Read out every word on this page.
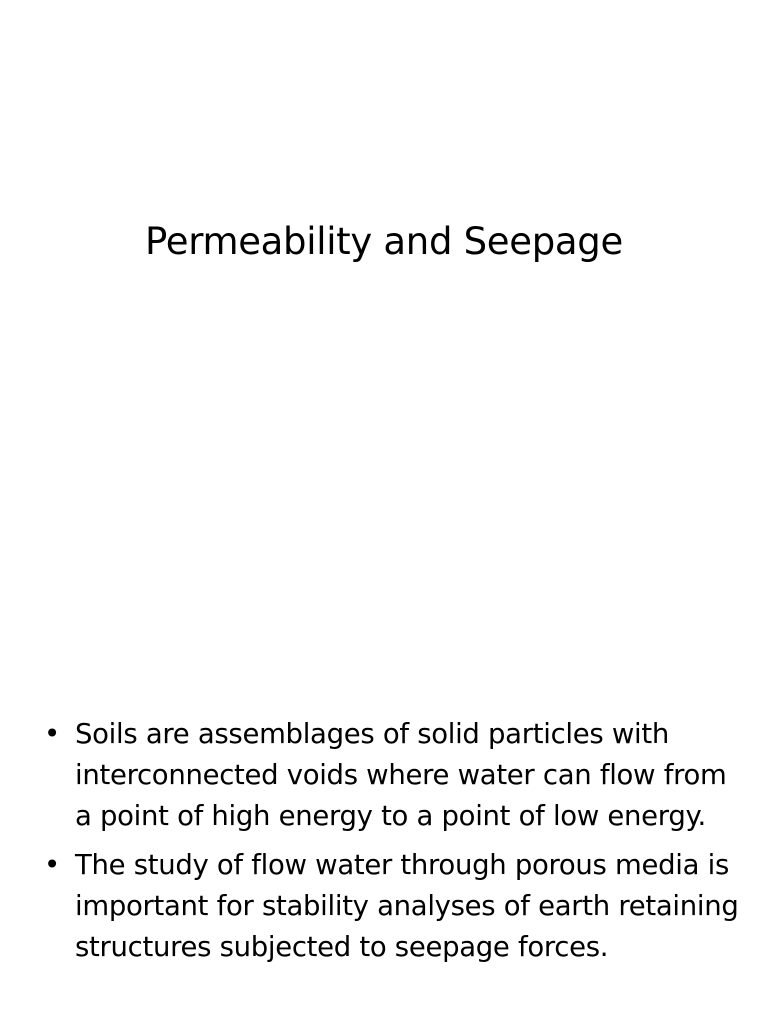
Permeability and Seepage
• Soils are assemblages of solid particles with interconnected voids where water can flow from a point of high energy to a point of low energy.
• The study of flow water through porous media is important for stability analyses of earth retaining structures subjected to seepage forces.
